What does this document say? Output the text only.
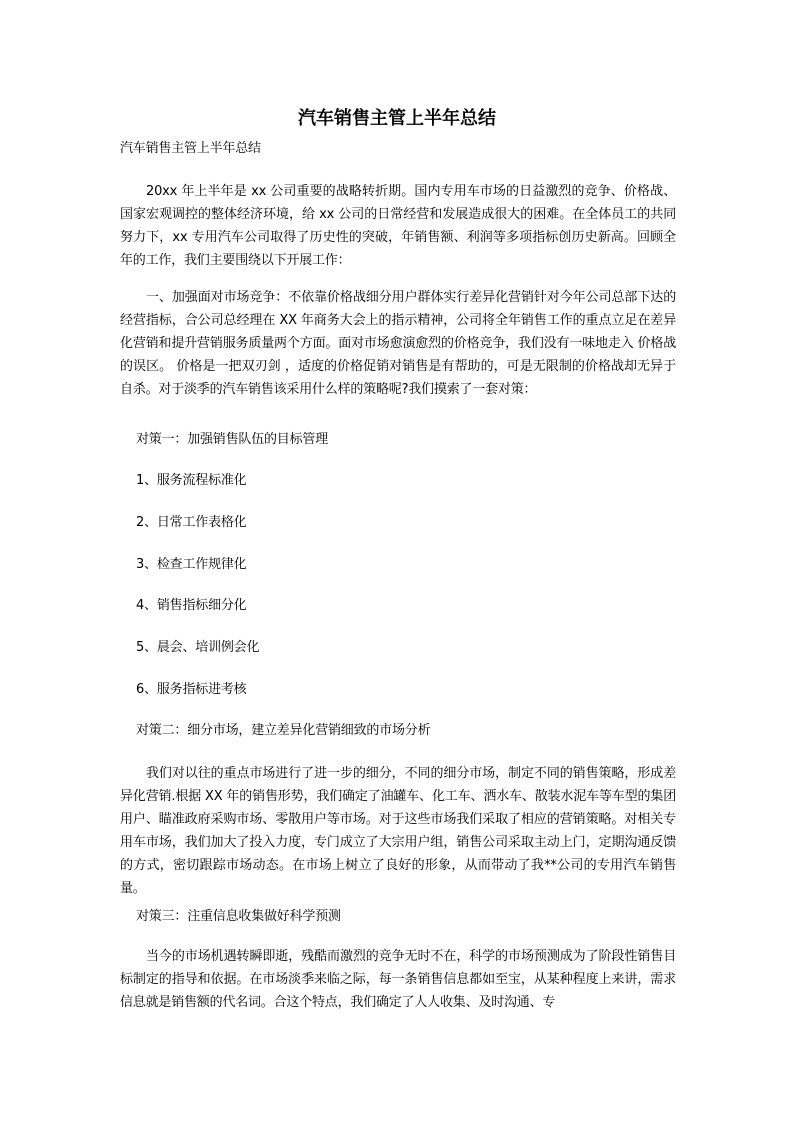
汽车销售主管上半年总结
汽车销售主管上半年总结
20xx 年上半年是 xx 公司重要的战略转折期。国内专用车市场的日益激烈的竞争、价格战、国家宏观调控的整体经济环境，给 xx 公司的日常经营和发展造成很大的困难。在全体员工的共同努力下，xx 专用汽车公司取得了历史性的突破，年销售额、利润等多项指标创历史新高。回顾全年的工作，我们主要围绕以下开展工作：
一、加强面对市场竞争：不依靠价格战细分用户群体实行差异化营销针对今年公司总部下达的经营指标，合公司总经理在 XX 年商务大会上的指示精神，公司将全年销售工作的重点立足在差异化营销和提升营销服务质量两个方面。面对市场愈演愈烈的价格竞争，我们没有一味地走入 价格战 的误区。 价格是一把双刃剑 ，适度的价格促销对销售是有帮助的，可是无限制的价格战却无异于自杀。对于淡季的汽车销售该采用什么样的策略呢?我们摸索了一套对策：
对策一：加强销售队伍的目标管理
1、服务流程标准化
2、日常工作表格化
3、检查工作规律化
4、销售指标细分化
5、晨会、培训例会化
6、服务指标进考核
对策二：细分市场，建立差异化营销细致的市场分析
我们对以往的重点市场进行了进一步的细分，不同的细分市场，制定不同的销售策略，形成差异化营销.根据 XX 年的销售形势，我们确定了油罐车、化工车、洒水车、散装水泥车等车型的集团用户、瞄准政府采购市场、零散用户等市场。对于这些市场我们采取了相应的营销策略。对相关专用车市场，我们加大了投入力度，专门成立了大宗用户组，销售公司采取主动上门，定期沟通反馈的方式，密切跟踪市场动态。在市场上树立了良好的形象，从而带动了我**公司的专用汽车销售量。
对策三：注重信息收集做好科学预测
当今的市场机遇转瞬即逝，残酷而激烈的竞争无时不在，科学的市场预测成为了阶段性销售目标制定的指导和依据。在市场淡季来临之际，每一条销售信息都如至宝，从某种程度上来讲，需求信息就是销售额的代名词。合这个特点，我们确定了人人收集、及时沟通、专
